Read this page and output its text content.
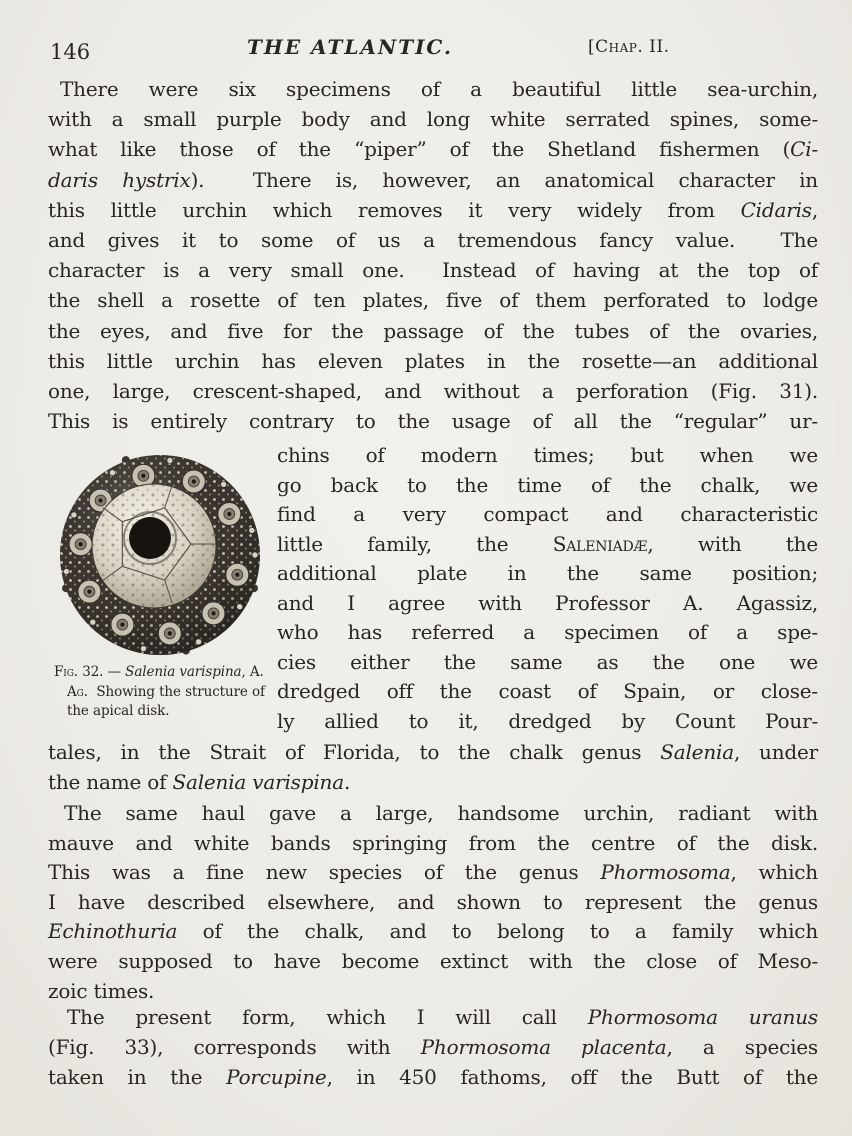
146	THE ATLANTIC.	[Chap. II.
There were six specimens of a beautiful little sea-urchin,
with a small purple body and long white serrated spines, some-
what like those of the “piper” of the Shetland fishermen (Ci-
daris hystrix).  There is, however, an anatomical character in
this little urchin which removes it very widely from Cidaris,
and gives it to some of us a tremendous fancy value.  The
character is a very small one.  Instead of having at the top of
the shell a rosette of ten plates, five of them perforated to lodge
the eyes, and five for the passage of the tubes of the ovaries,
this little urchin has eleven plates in the rosette—an additional
one, large, crescent-shaped, and without a perforation (Fig. 31).
This is entirely contrary to the usage of all the “regular” ur-
chins of modern times; but when we
go back to the time of the chalk, we
find a very compact and characteristic
little family, the Saleniadæ, with the
additional plate in the same position;
and I agree with Professor A. Agassiz,
who has referred a specimen of a spe-
cies either the same as the one we
dredged off the coast of Spain, or close-
ly allied to it, dredged by Count Pour-
Fig. 32. — Salenia varispina, A.
Ag.  Showing the structure of
the apical disk.
tales, in the Strait of Florida, to the chalk genus Salenia, under
the name of Salenia varispina.
The same haul gave a large, handsome urchin, radiant with
mauve and white bands springing from the centre of the disk.
This was a fine new species of the genus Phormosoma, which
I have described elsewhere, and shown to represent the genus
Echinothuria of the chalk, and to belong to a family which
were supposed to have become extinct with the close of Meso-
zoic times.
The present form, which I will call Phormosoma uranus
(Fig. 33), corresponds with Phormosoma placenta, a species
taken in the Porcupine, in 450 fathoms, off the Butt of the
